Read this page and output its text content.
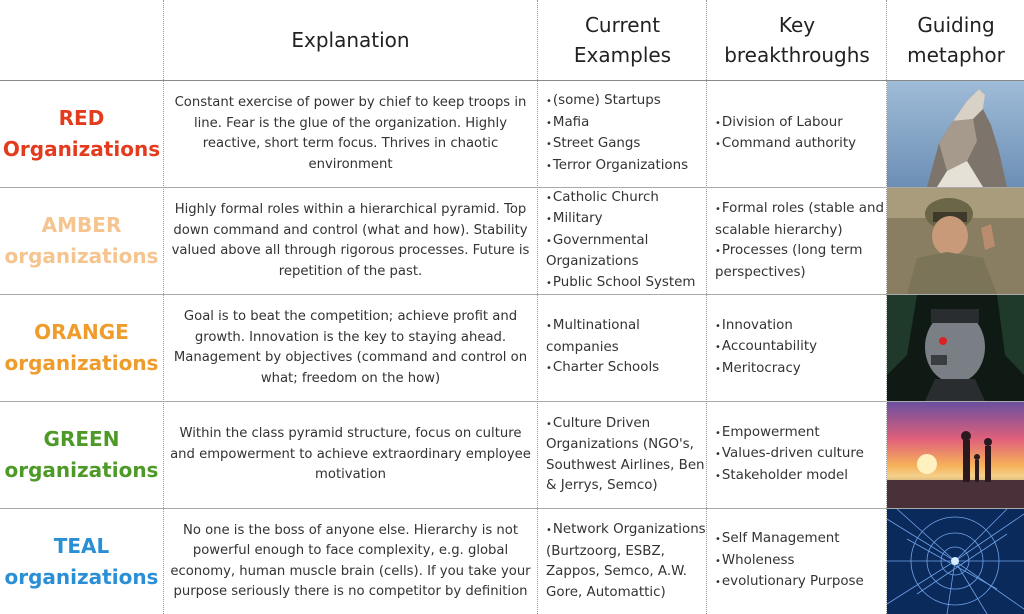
Explanation
Current Examples
Key breakthroughs
Guiding metaphor
RED
Organizations
Constant exercise of power by chief to keep troops in line. Fear is the glue of the organization. Highly reactive, short term focus. Thrives in chaotic environment
• (some) Startups
• Mafia
• Street Gangs
• Terror Organizations
• Division of Labour
• Command authority
AMBER
organizations
Highly formal roles within a hierarchical pyramid. Top down command and control (what and how). Stability valued above all through rigorous processes. Future is repetition of the past.
• Catholic Church
• Military
• Governmental Organizations
• Public School System
• Formal roles (stable and scalable hierarchy)
• Processes (long term perspectives)
ORANGE
organizations
Goal is to beat the competition; achieve profit and growth. Innovation is the key to staying ahead. Management by objectives (command and control on what; freedom on the how)
• Multinational companies
• Charter Schools
• Innovation
• Accountability
• Meritocracy
GREEN
organizations
Within the class pyramid structure, focus on culture and empowerment to achieve extraordinary employee motivation
• Culture Driven Organizations (NGO's, Southwest Airlines, Ben & Jerrys, Semco)
• Empowerment
• Values-driven culture
• Stakeholder model
TEAL
organizations
No one is the boss of anyone else. Hierarchy is not powerful enough to face complexity, e.g. global economy, human muscle brain (cells). If you take your purpose seriously there is no competitor by definition
• Network Organizations (Burtzoorg, ESBZ, Zappos, Semco, A.W. Gore, Automattic)
• Self Management
• Wholeness
• evolutionary Purpose
